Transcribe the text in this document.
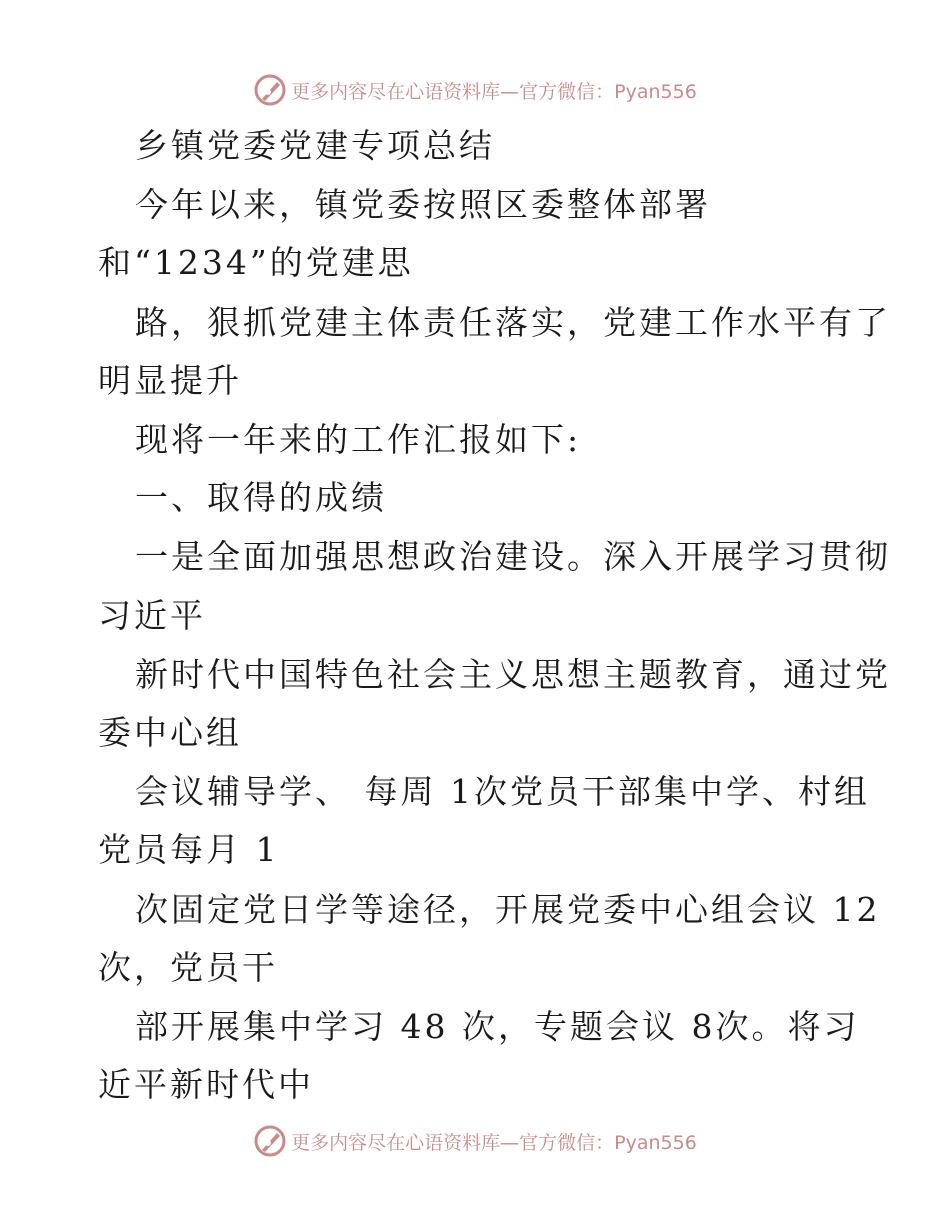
更多内容尽在心语资料库—官方微信：Pyan556
乡镇党委党建专项总结
今年以来，镇党委按照区委整体部署
和“1234”的党建思
路，狠抓党建主体责任落实，党建工作水平有了
明显提升
现将一年来的工作汇报如下:
一、取得的成绩
一是全面加强思想政治建设。深入开展学习贯彻
习近平
新时代中国特色社会主义思想主题教育，通过党
委中心组
会议辅导学、 每周 1次党员干部集中学、村组
党员每月 1
次固定党日学等途径，开展党委中心组会议 12
次，党员干
部开展集中学习 48 次，专题会议 8次。将习
近平新时代中
更多内容尽在心语资料库—官方微信：Pyan556
